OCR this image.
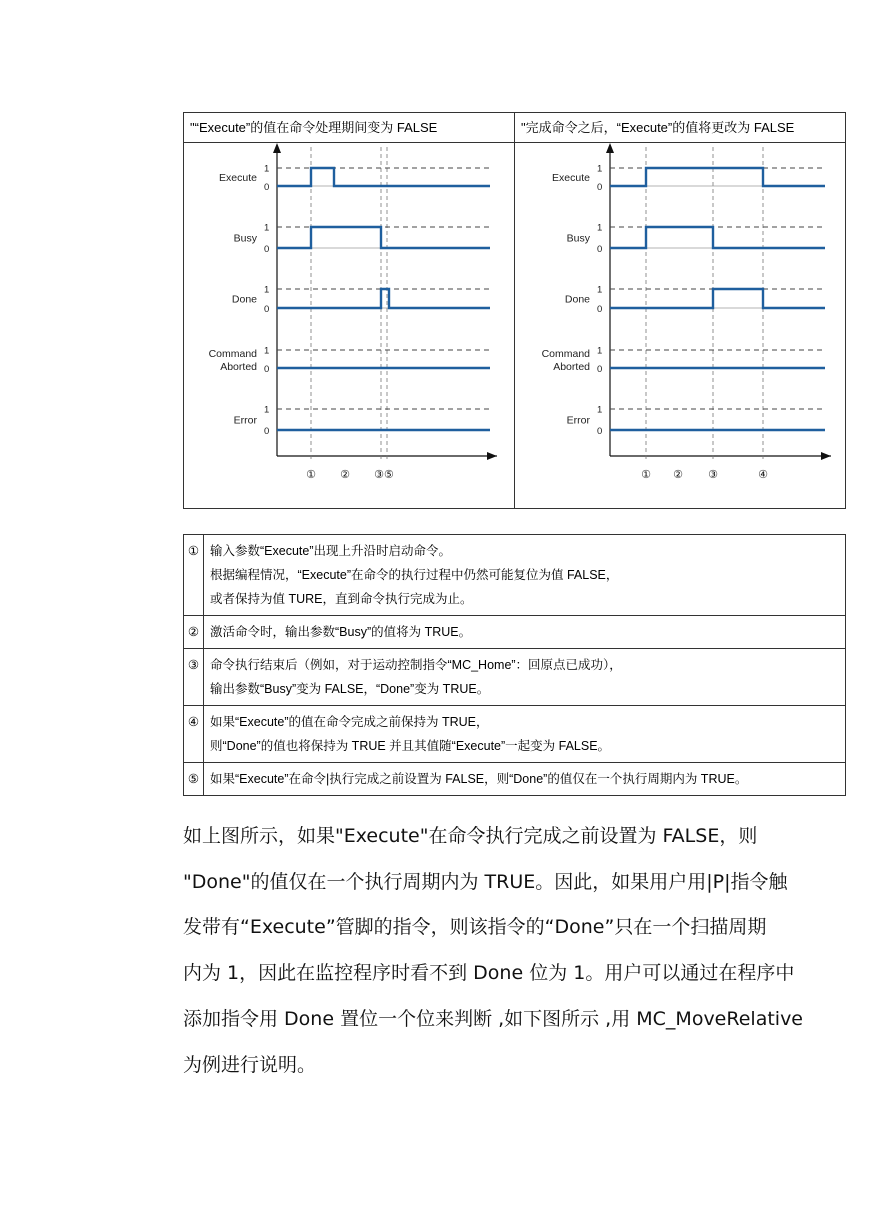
"“Execute”的值在命令处理期间变为 FALSE
1
0
Execute
1
0
Busy
1
0
Done
1
0
Command
Aborted
1
0
Error
① ② ③⑤
"完成命令之后，“Execute”的值将更改为 FALSE
1
0
Execute
1
0
Busy
1
0
Done
1
0
Command
Aborted
1
0
Error
① ② ③	④
①	输入参数“Execute”出现上升沿时启动命令。
根据编程情况，“Execute”在命令的执行过程中仍然可能复位为值 FALSE，
或者保持为值 TURE，直到命令执行完成为止。

②	激活命令时，输出参数“Busy”的值将为 TRUE。

③	命令执行结束后（例如，对于运动控制指令“MC_Home”：回原点已成功），
输出参数“Busy”变为 FALSE，“Done”变为 TRUE。

④	如果“Execute”的值在命令完成之前保持为 TRUE，
则“Done”的值也将保持为 TRUE 并且其值随“Execute”一起变为 FALSE。

⑤	如果“Execute”在命令|执行完成之前设置为 FALSE，则“Done”的值仅在一个执行周期内为 TRUE。
如上图所示，如果"Execute"在命令执行完成之前设置为 FALSE，则
"Done"的值仅在一个执行周期内为 TRUE。因此，如果用户用|P|指令触
发带有“Execute”管脚的指令，则该指令的“Done”只在一个扫描周期
内为 1，因此在监控程序时看不到 Done 位为 1。用户可以通过在程序中
添加指令用 Done 置位一个位来判断 ,如下图所示 ,用 MC_MoveRelative
为例进行说明。
